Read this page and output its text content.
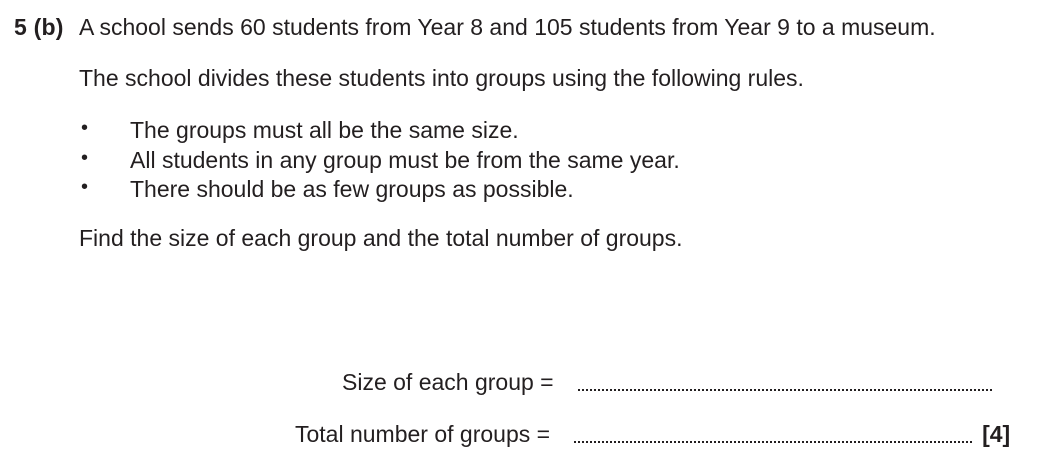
5 (b) A school sends 60 students from Year 8 and 105 students from Year 9 to a museum.
The school divides these students into groups using the following rules.
• The groups must all be the same size.
• All students in any group must be from the same year.
• There should be as few groups as possible.
Find the size of each group and the total number of groups.
Size of each group =
Total number of groups =	[4]
